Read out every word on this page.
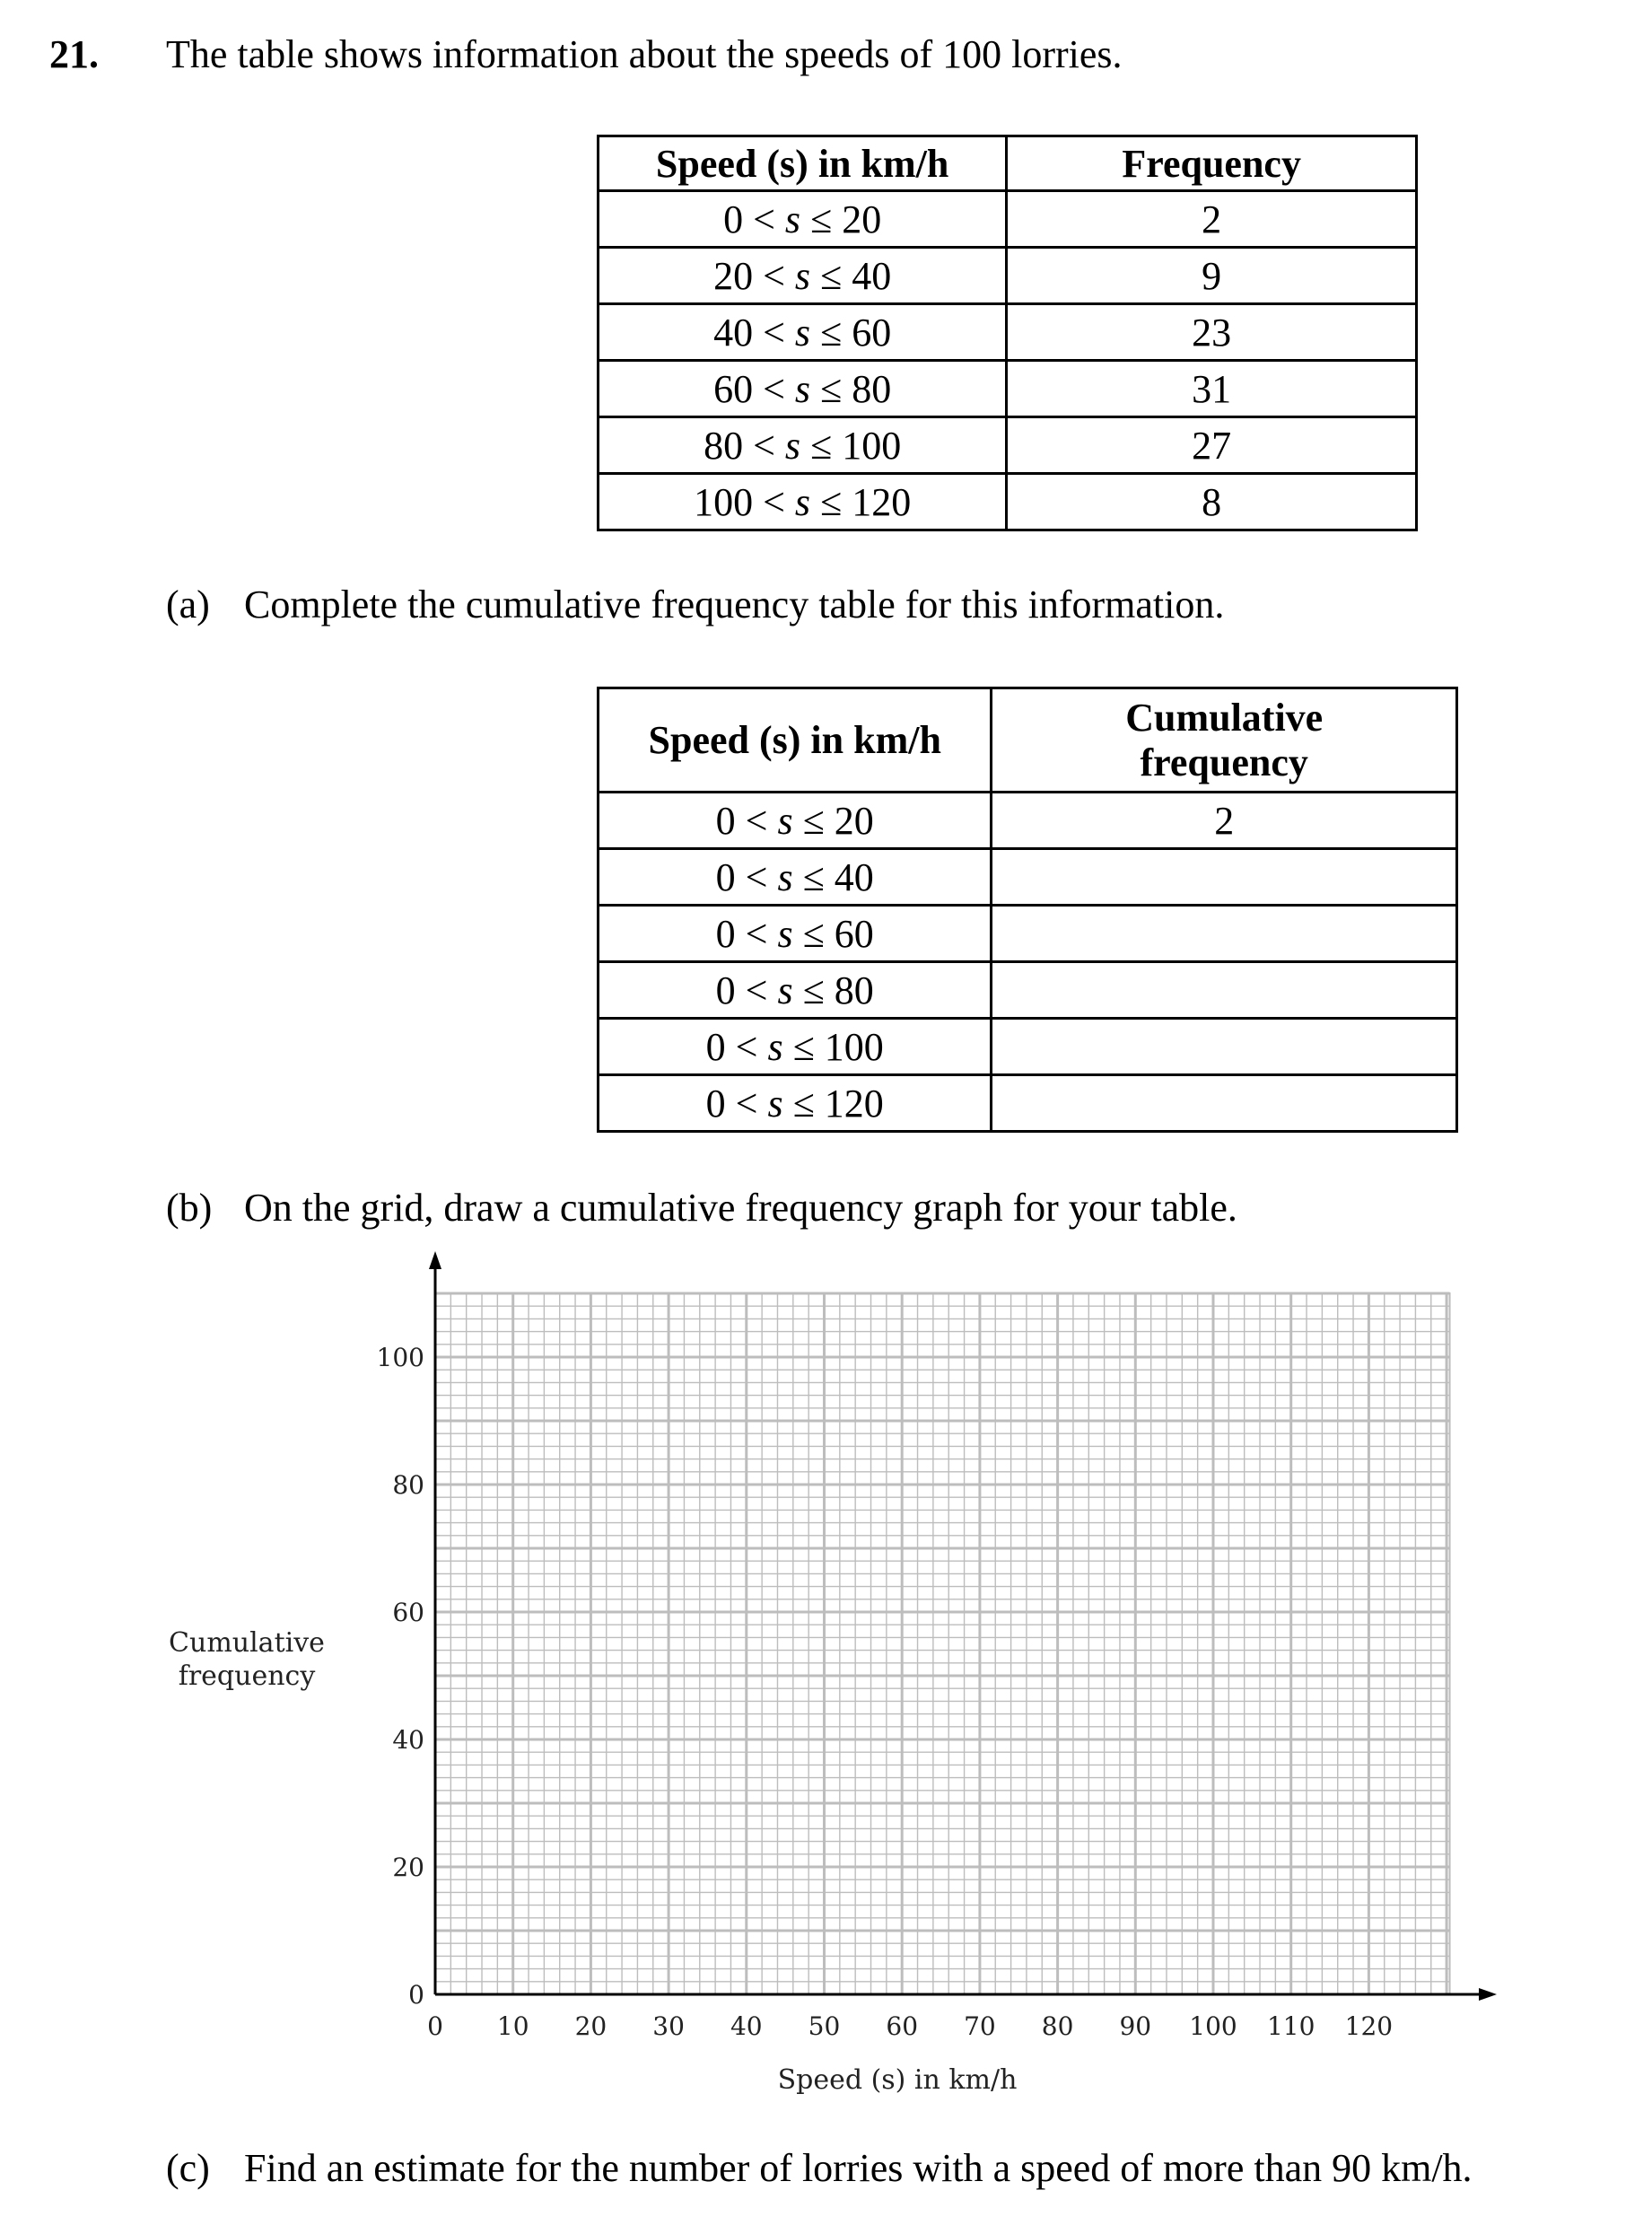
21. The table shows information about the speeds of 100 lorries.
Speed (s) in km/h	Frequency
0 < s ≤ 20	2
20 < s ≤ 40	9
40 < s ≤ 60	23
60 < s ≤ 80	31
80 < s ≤ 100	27
100 < s ≤ 120	8
(a) Complete the cumulative frequency table for this information.
Speed (s) in km/h	Cumulative
frequency
0 < s ≤ 20	2
0 < s ≤ 40	
0 < s ≤ 60	
0 < s ≤ 80	
0 < s ≤ 100	
0 < s ≤ 120	
(b) On the grid, draw a cumulative frequency graph for your table.
0 10 20 30 40 50 60 70 80 90 100 110 120
0
20
40
60
80
100
Speed (s) in km/h
Cumulative
frequency
(c) Find an estimate for the number of lorries with a speed of more than 90 km/h.
